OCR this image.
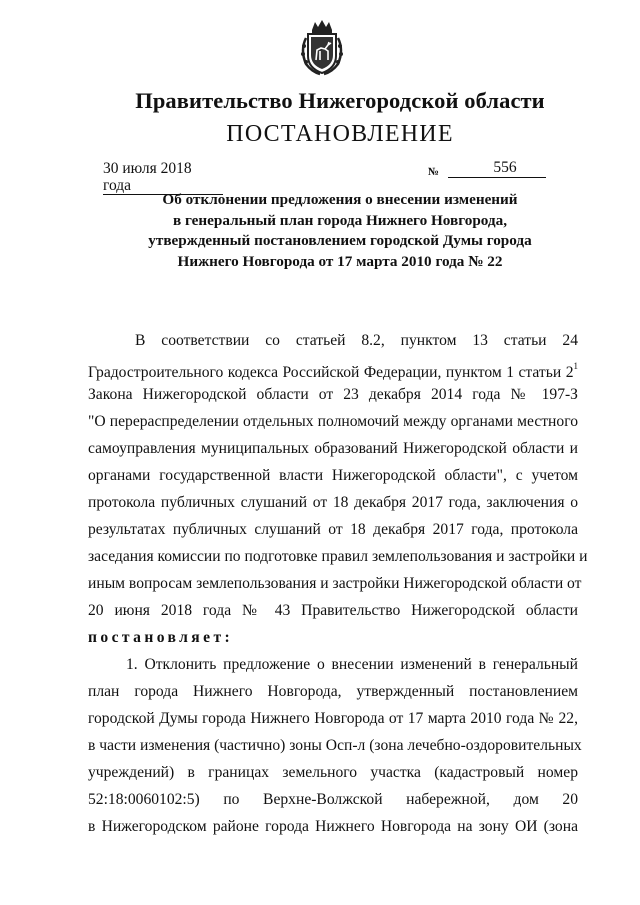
Правительство Нижегородской области
ПОСТАНОВЛЕНИЕ
30 июля 2018 года
№	556
Об отклонении предложения о внесении изменений
в генеральный план города Нижнего Новгорода,
утвержденный постановлением городской Думы города
Нижнего Новгорода от 17 марта 2010 года № 22
В соответствии со статьей 8.2, пунктом 13 статьи 24
Градостроительного кодекса Российской Федерации, пунктом 1 статьи $2^1$
Закона Нижегородской области от 23 декабря 2014 года № 197-З
"О перераспределении отдельных полномочий между органами местного
самоуправления муниципальных образований Нижегородской области и
органами государственной власти Нижегородской области", с учетом
протокола публичных слушаний от 18 декабря 2017 года, заключения о
результатах публичных слушаний от 18 декабря 2017 года, протокола
заседания комиссии по подготовке правил землепользования и застройки и
иным вопросам землепользования и застройки Нижегородской области от
20 июня 2018 года № 43 Правительство Нижегородской области
постановляет:
1. Отклонить предложение о внесении изменений в генеральный
план города Нижнего Новгорода, утвержденный постановлением
городской Думы города Нижнего Новгорода от 17 марта 2010 года № 22,
в части изменения (частично) зоны Осп-л (зона лечебно-оздоровительных
учреждений) в границах земельного участка (кадастровый номер
52:18:0060102:5) по Верхне-Волжской набережной, дом 20
в Нижегородском районе города Нижнего Новгорода на зону ОИ (зона
